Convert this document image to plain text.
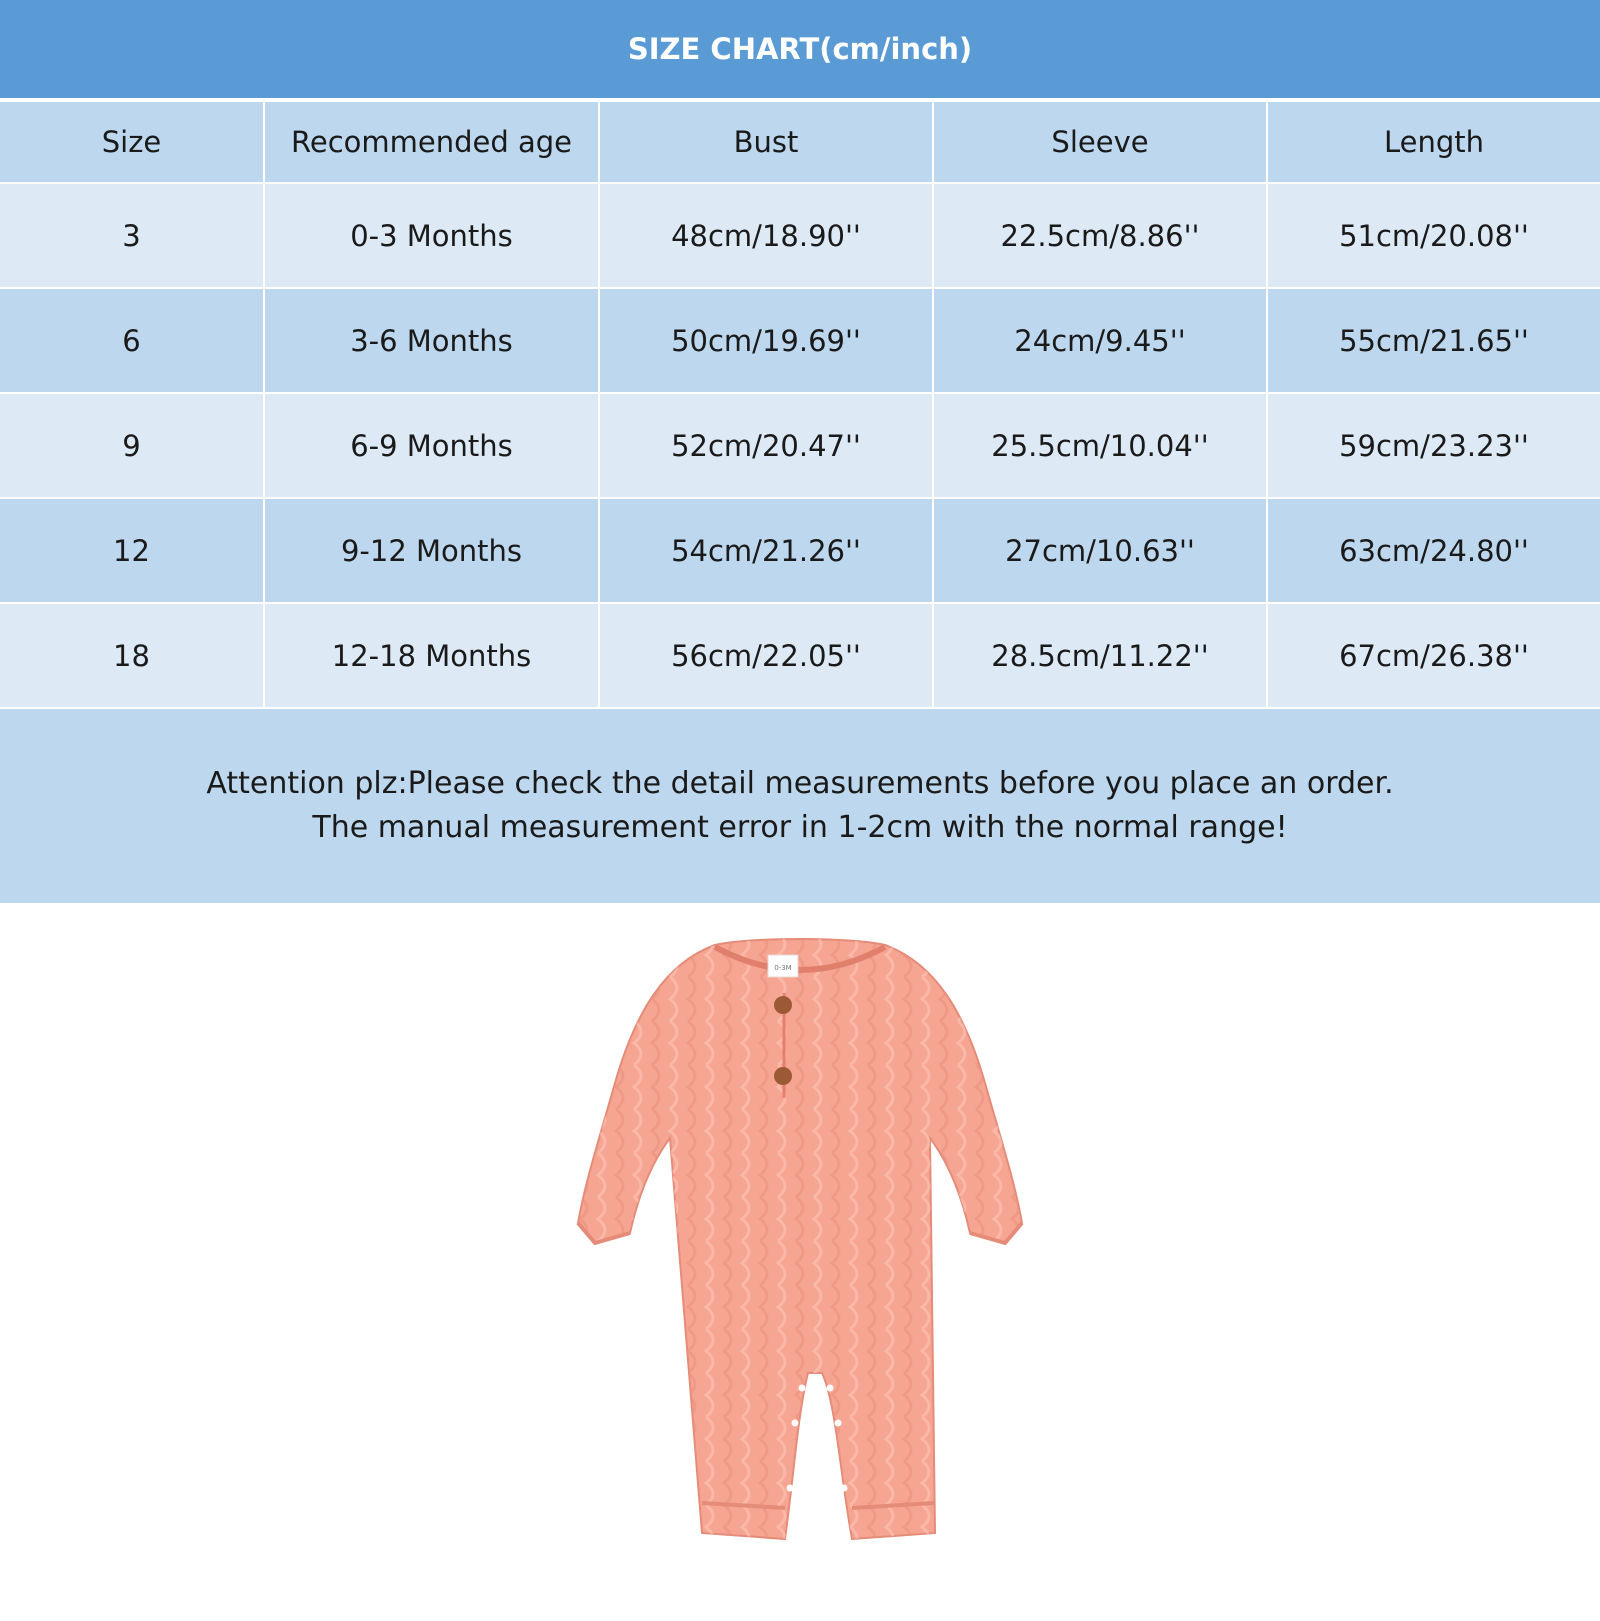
SIZE CHART(cm/inch)
Size	Recommended age	Bust	Sleeve	Length
3	0-3 Months	48cm/18.90''	22.5cm/8.86''	51cm/20.08''
6	3-6 Months	50cm/19.69''	24cm/9.45''	55cm/21.65''
9	6-9 Months	52cm/20.47''	25.5cm/10.04''	59cm/23.23''
12	9-12 Months	54cm/21.26''	27cm/10.63''	63cm/24.80''
18	12-18 Months	56cm/22.05''	28.5cm/11.22''	67cm/26.38''
Attention plz:Please check the detail measurements before you place an order.
The manual measurement error in 1-2cm with the normal range!
0-3M
